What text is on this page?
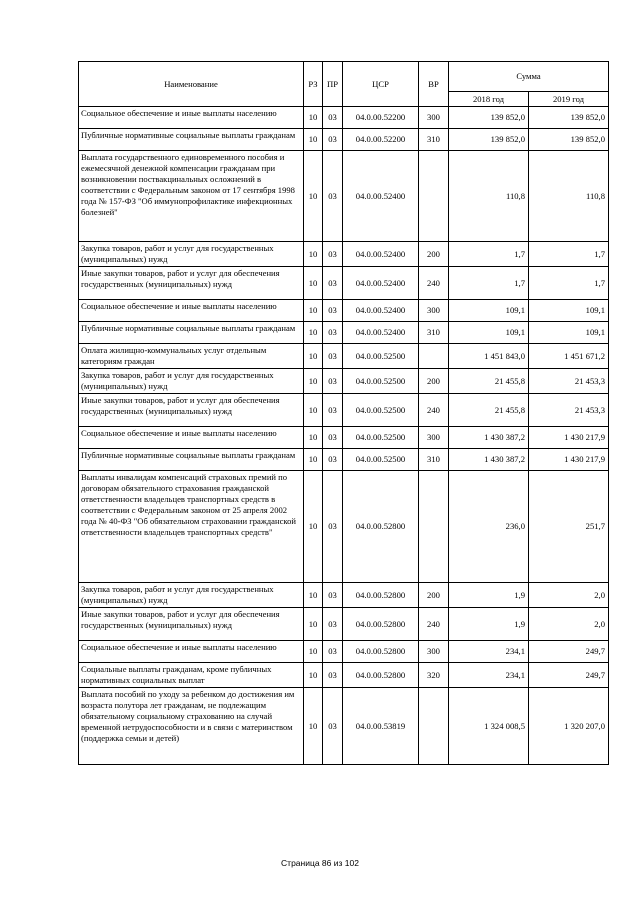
Наименование	РЗ	ПР	ЦСР	ВР	Сумма	
					2018 год	2019 год
Социальное обеспечение и иные выплаты населению	10	03	04.0.00.52200	300	139 852,0	139 852,0
Публичные нормативные социальные выплаты гражданам	10	03	04.0.00.52200	310	139 852,0	139 852,0
Выплата государственного единовременного пособия и ежемесячной денежной компенсации гражданам при возникновении поствакцинальных осложнений в соответствии с Федеральным законом от 17 сентября 1998 года № 157-ФЗ "Об иммунопрофилактике инфекционных болезней"	10	03	04.0.00.52400		110,8	110,8
Закупка товаров, работ и услуг для государственных (муниципальных) нужд	10	03	04.0.00.52400	200	1,7	1,7
Иные закупки товаров, работ и услуг для обеспечения государственных (муниципальных) нужд	10	03	04.0.00.52400	240	1,7	1,7
Социальное обеспечение и иные выплаты населению	10	03	04.0.00.52400	300	109,1	109,1
Публичные нормативные социальные выплаты гражданам	10	03	04.0.00.52400	310	109,1	109,1
Оплата жилищно-коммунальных услуг отдельным категориям граждан	10	03	04.0.00.52500		1 451 843,0	1 451 671,2
Закупка товаров, работ и услуг для государственных (муниципальных) нужд	10	03	04.0.00.52500	200	21 455,8	21 453,3
Иные закупки товаров, работ и услуг для обеспечения государственных (муниципальных) нужд	10	03	04.0.00.52500	240	21 455,8	21 453,3
Социальное обеспечение и иные выплаты населению	10	03	04.0.00.52500	300	1 430 387,2	1 430 217,9
Публичные нормативные социальные выплаты гражданам	10	03	04.0.00.52500	310	1 430 387,2	1 430 217,9
Выплаты инвалидам компенсаций страховых премий по договорам обязательного страхования гражданской ответственности владельцев транспортных средств в соответствии с Федеральным законом от 25 апреля 2002 года № 40-ФЗ "Об обязательном страховании гражданской ответственности владельцев транспортных средств"	10	03	04.0.00.52800		236,0	251,7
Закупка товаров, работ и услуг для государственных (муниципальных) нужд	10	03	04.0.00.52800	200	1,9	2,0
Иные закупки товаров, работ и услуг для обеспечения государственных (муниципальных) нужд	10	03	04.0.00.52800	240	1,9	2,0
Социальное обеспечение и иные выплаты населению	10	03	04.0.00.52800	300	234,1	249,7
Социальные выплаты гражданам, кроме публичных нормативных социальных выплат	10	03	04.0.00.52800	320	234,1	249,7
Выплата пособий по уходу за ребенком до достижения им возраста полутора лет гражданам, не подлежащим обязательному социальному страхованию на случай временной нетрудоспособности и в связи с материнством (поддержка семьи и детей)	10	03	04.0.00.53819		1 324 008,5	1 320 207,0
Страница 86 из 102
